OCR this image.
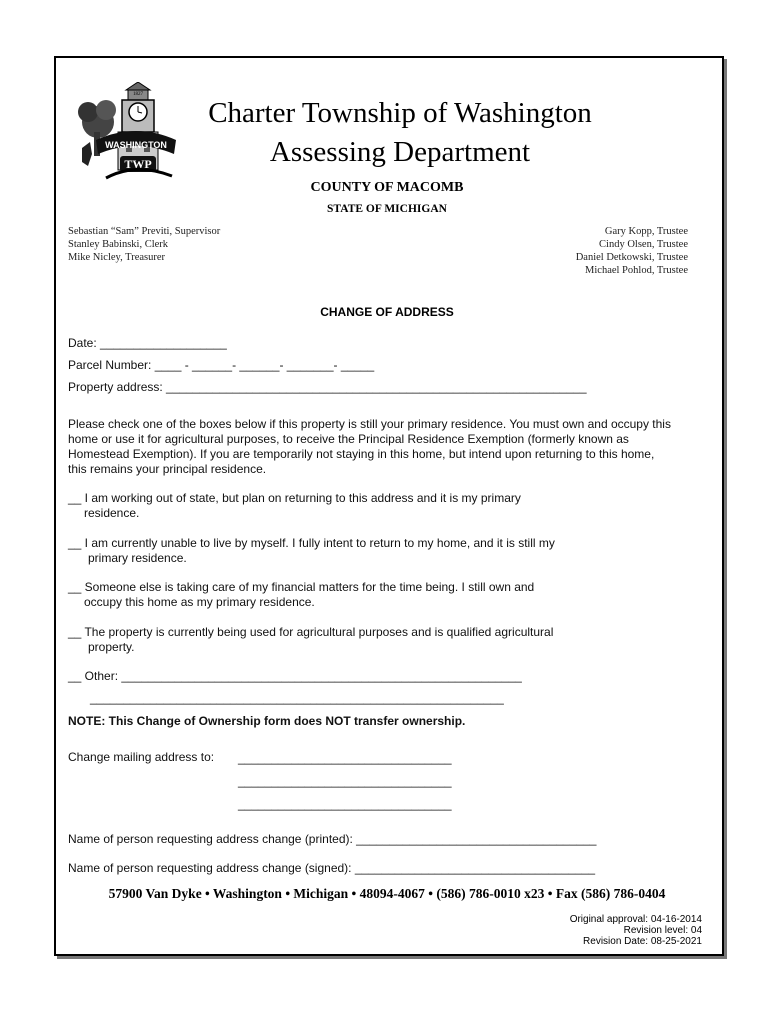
WASHINGTON
TWP
1827
Charter Township of Washington
Assessing Department
COUNTY OF MACOMB
STATE OF MICHIGAN
Sebastian “Sam” Previti, Supervisor
Stanley Babinski, Clerk
Mike Nicley, Treasurer
Gary Kopp, Trustee
Cindy Olsen, Trustee
Daniel Detkowski, Trustee
Michael Pohlod, Trustee
CHANGE OF ADDRESS
Date: ___________________
Parcel Number: ____ - ______- ______- _______- _____
Property address: _______________________________________________________________
Please check one of the boxes below if this property is still your primary residence. You must own and occupy this
home or use it for agricultural purposes, to receive the Principal Residence Exemption (formerly known as
Homestead Exemption). If you are temporarily not staying in this home, but intend upon returning to this home,
this remains your principal residence.
__ I am working out of state, but plan on returning to this address and it is my primary
residence.
__ I am currently unable to live by myself. I fully intent to return to my home, and it is still my
primary residence.
__ Someone else is taking care of my financial matters for the time being. I still own and
occupy this home as my primary residence.
__ The property is currently being used for agricultural purposes and is qualified agricultural
property.
__ Other: ____________________________________________________________
______________________________________________________________
NOTE: This Change of Ownership form does NOT transfer ownership.
Change mailing address to: ________________________________
________________________________
________________________________
Name of person requesting address change (printed): ____________________________________
Name of person requesting address change (signed): ____________________________________
57900 Van Dyke • Washington • Michigan • 48094-4067 • (586) 786-0010 x23 • Fax (586) 786-0404
Original approval: 04-16-2014
Revision level: 04
Revision Date: 08-25-2021
